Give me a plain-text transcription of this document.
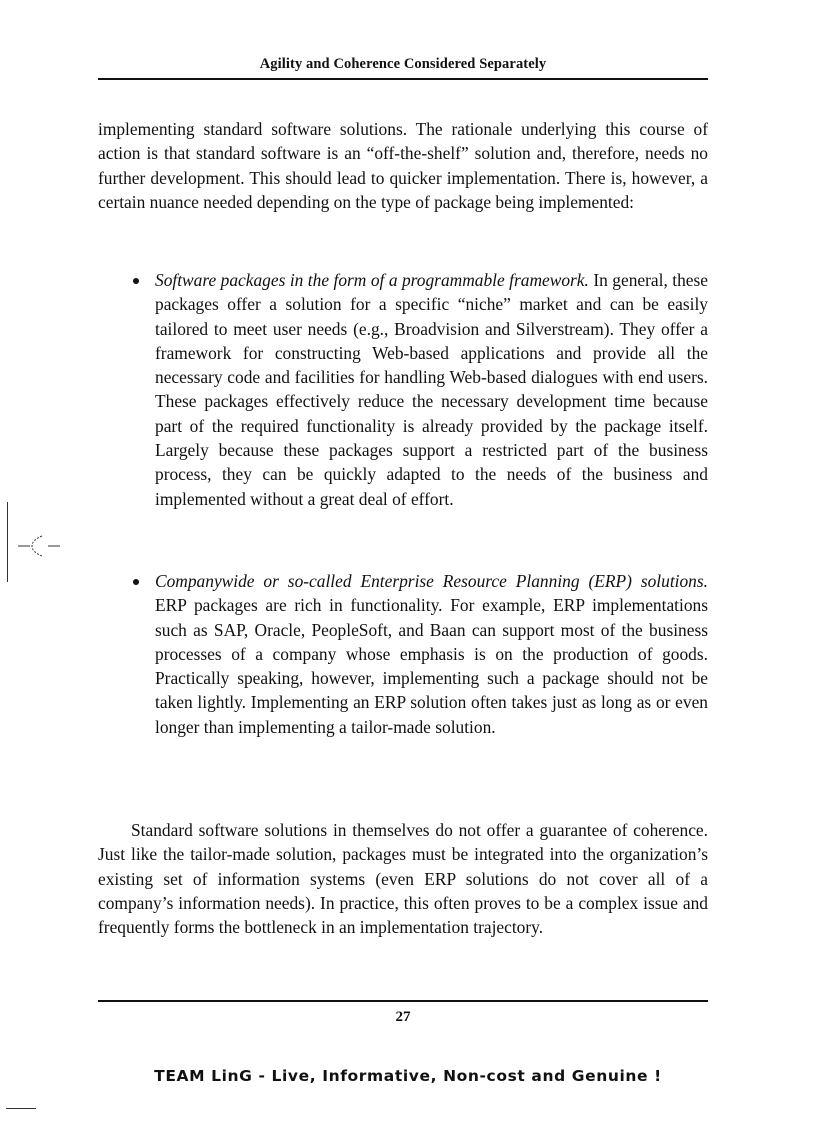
Agility and Coherence Considered Separately

implementing standard software solutions. The rationale underlying this course of action is that standard software is an “off-the-shelf” solution and, therefore, needs no further development. This should lead to quicker implementation. There is, however, a certain nuance needed depending on the type of package being implemented:

Software packages in the form of a programmable framework. In general, these packages offer a solution for a specific “niche” market and can be easily tailored to meet user needs (e.g., Broadvision and Silverstream). They offer a framework for constructing Web-based applications and provide all the necessary code and facilities for handling Web-based dialogues with end users. These packages effectively reduce the necessary development time because part of the required functionality is already provided by the package itself. Largely because these packages support a restricted part of the business process, they can be quickly adapted to the needs of the business and implemented without a great deal of effort.
Companywide or so-called Enterprise Resource Planning (ERP) solutions. ERP packages are rich in functionality. For example, ERP implementations such as SAP, Oracle, PeopleSoft, and Baan can support most of the business processes of a company whose emphasis is on the production of goods. Practically speaking, however, implementing such a package should not be taken lightly. Implementing an ERP solution often takes just as long as or even longer than implementing a tailor-made solution.

Standard software solutions in themselves do not offer a guarantee of coherence. Just like the tailor-made solution, packages must be integrated into the organization’s existing set of information systems (even ERP solutions do not cover all of a company’s information needs). In practice, this often proves to be a complex issue and frequently forms the bottleneck in an implementation trajectory.

27
TEAM LinG - Live, Informative, Non-cost and Genuine !
